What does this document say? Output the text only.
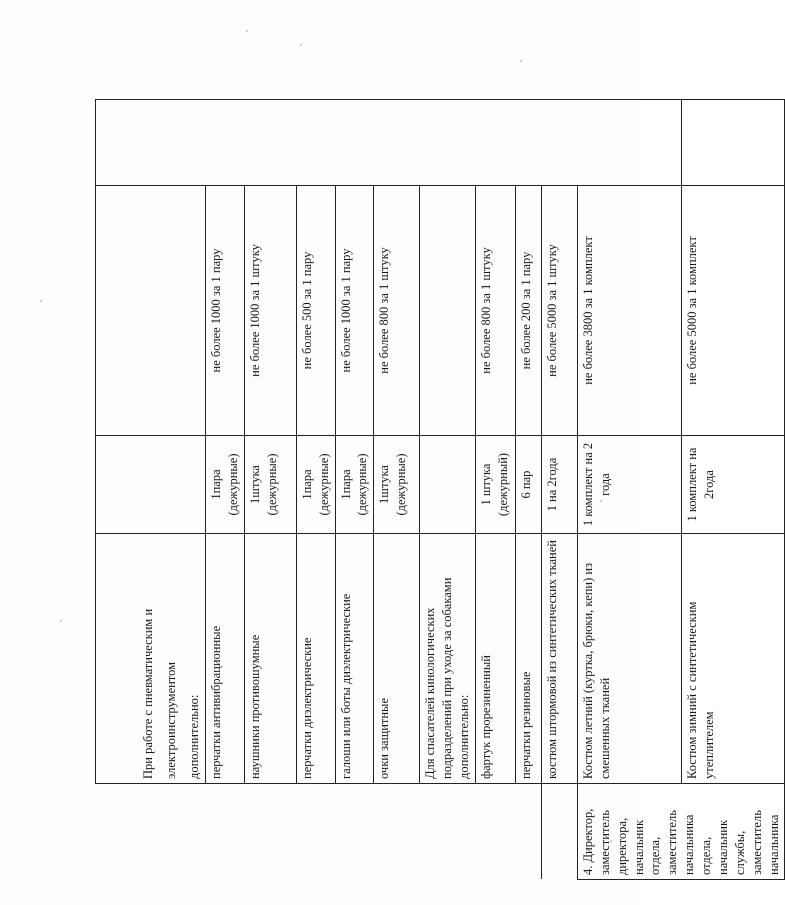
	При работе с пневматическим и электроинструментом дополнительно:			

	перчатки антивибрационные	1пара (дежурные)	не более 1000 за 1 пару	
	наушники противошумные	1штука (дежурные)	не более 1000 за 1 штуку	
	перчатки диэлектрические	1пара (дежурные)	не более 500 за 1 пару	
	галоши или боты диэлектрические	1пара (дежурные)	не более 1000 за 1 пару	
	очки защитные	1штука (дежурные)	не более 800 за 1 штуку	
	Для спасателей кинологических подразделений при уходе за собаками дополнительно:			
	фартук прорезиненный	1 штука (дежурный)	не более 800 за 1 штуку	
	перчатки резиновые	6 пар	не более 200 за 1 пару	
	костюм штормовой из синтетических тканей	1 на 2года	не более 5000 за 1 штуку	
4. Директор, заместитель директора, начальник отдела, заместитель начальника отдела, начальник службы, заместитель начальника	Костюм летний (куртка, брюки, кепи) из смешенных тканей	1 комплект на 2 года	не более 3800 за 1 комплект	
	Костюм зимний с синтетическим утеплителем	1 комплект на 2года	не более 5000 за 1 комплект	
